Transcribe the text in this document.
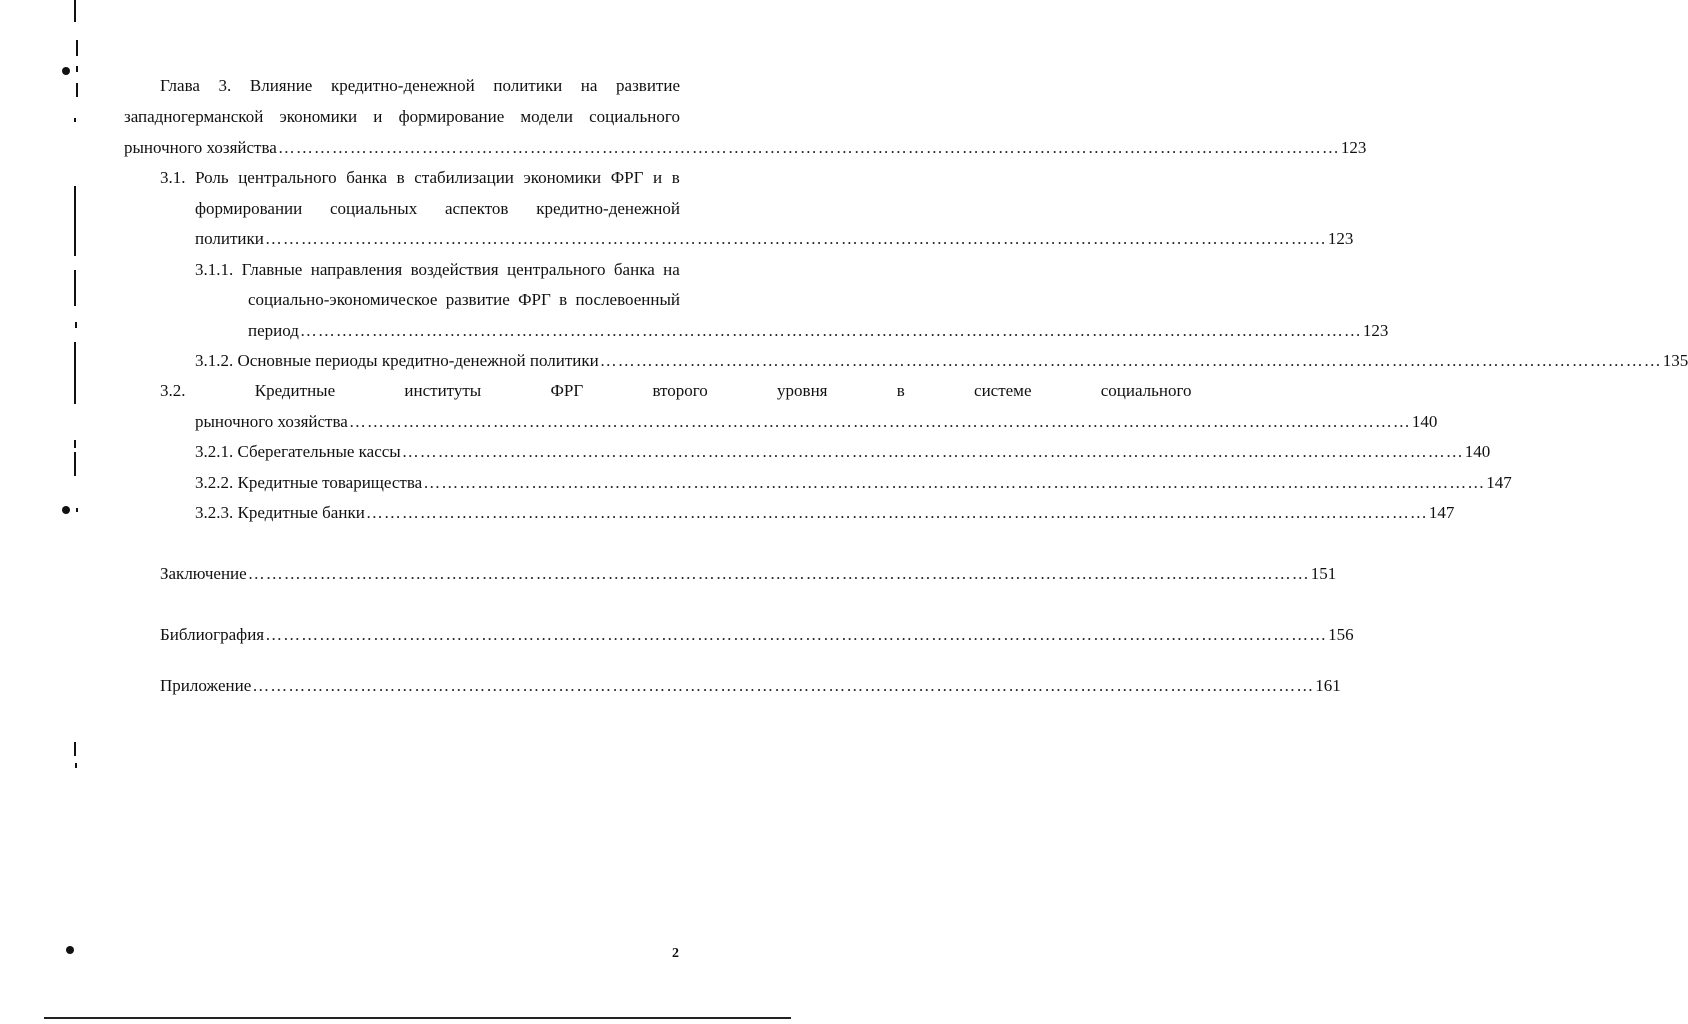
Глава 3. Влияние кредитно-денежной политики на развитие
западногерманской экономики и формирование модели социального
рыночного хозяйства ……………………………………………………………………………………………………………………………………………………………	123
3.1. Роль центрального банка в стабилизации экономики ФРГ и в
формировании социальных аспектов кредитно-денежной
политики ……………………………………………………………………………………………………………………………………………………………	123
3.1.1. Главные направления воздействия центрального банка на
социально-экономическое развитие ФРГ в послевоенный
период ……………………………………………………………………………………………………………………………………………………………	123
3.1.2. Основные периоды кредитно-денежной политики ……………………………………………………………………………………………………………………………………………………………	135
3.2. Кредитные институты ФРГ второго уровня в системе социального
рыночного хозяйства ……………………………………………………………………………………………………………………………………………………………	140
3.2.1. Сберегательные кассы ……………………………………………………………………………………………………………………………………………………………	140
3.2.2. Кредитные товарищества ……………………………………………………………………………………………………………………………………………………………	147
3.2.3. Кредитные банки ……………………………………………………………………………………………………………………………………………………………	147
Заключение ……………………………………………………………………………………………………………………………………………………………	151
Библиография ……………………………………………………………………………………………………………………………………………………………	156
Приложение ……………………………………………………………………………………………………………………………………………………………	161
2
